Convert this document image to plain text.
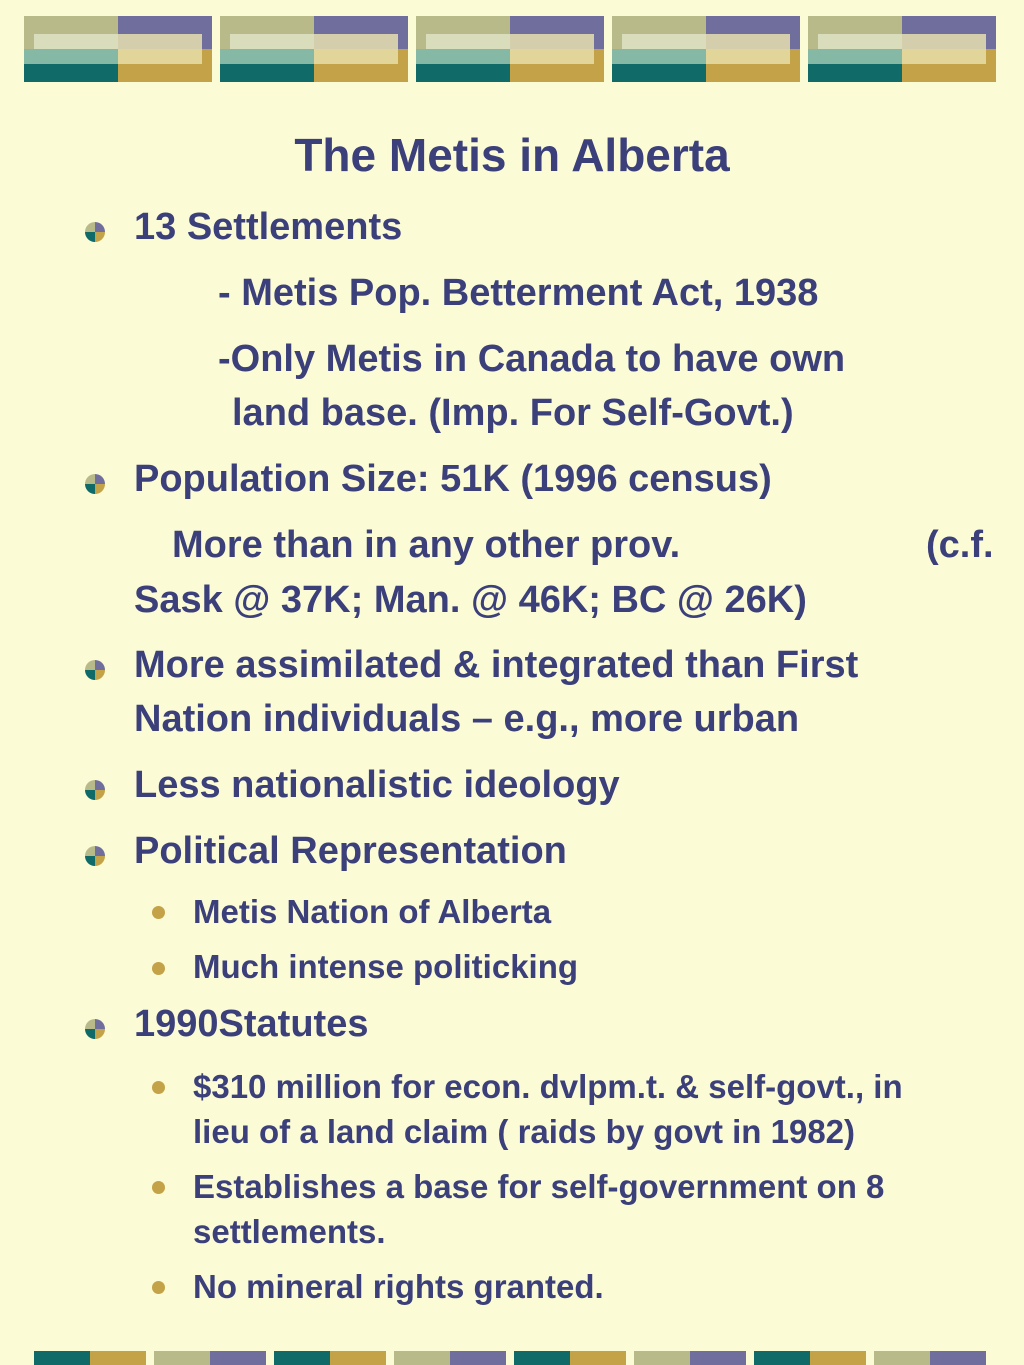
The Metis in Alberta
13 Settlements
- Metis Pop. Betterment Act, 1938
-Only Metis in Canada to have own
land base. (Imp. For Self-Govt.)
Population Size: 51K (1996 census)
More than in any other prov.	(c.f.
Sask @ 37K; Man. @ 46K; BC @ 26K)
More assimilated & integrated than First
Nation individuals – e.g., more urban
Less nationalistic ideology
Political Representation
Metis Nation of Alberta
Much intense politicking
1990Statutes
$310 million for econ. dvlpm.t. & self-govt., in
lieu of a land claim ( raids by govt in 1982)
Establishes a base for self-government on 8
settlements.
No mineral rights granted.
